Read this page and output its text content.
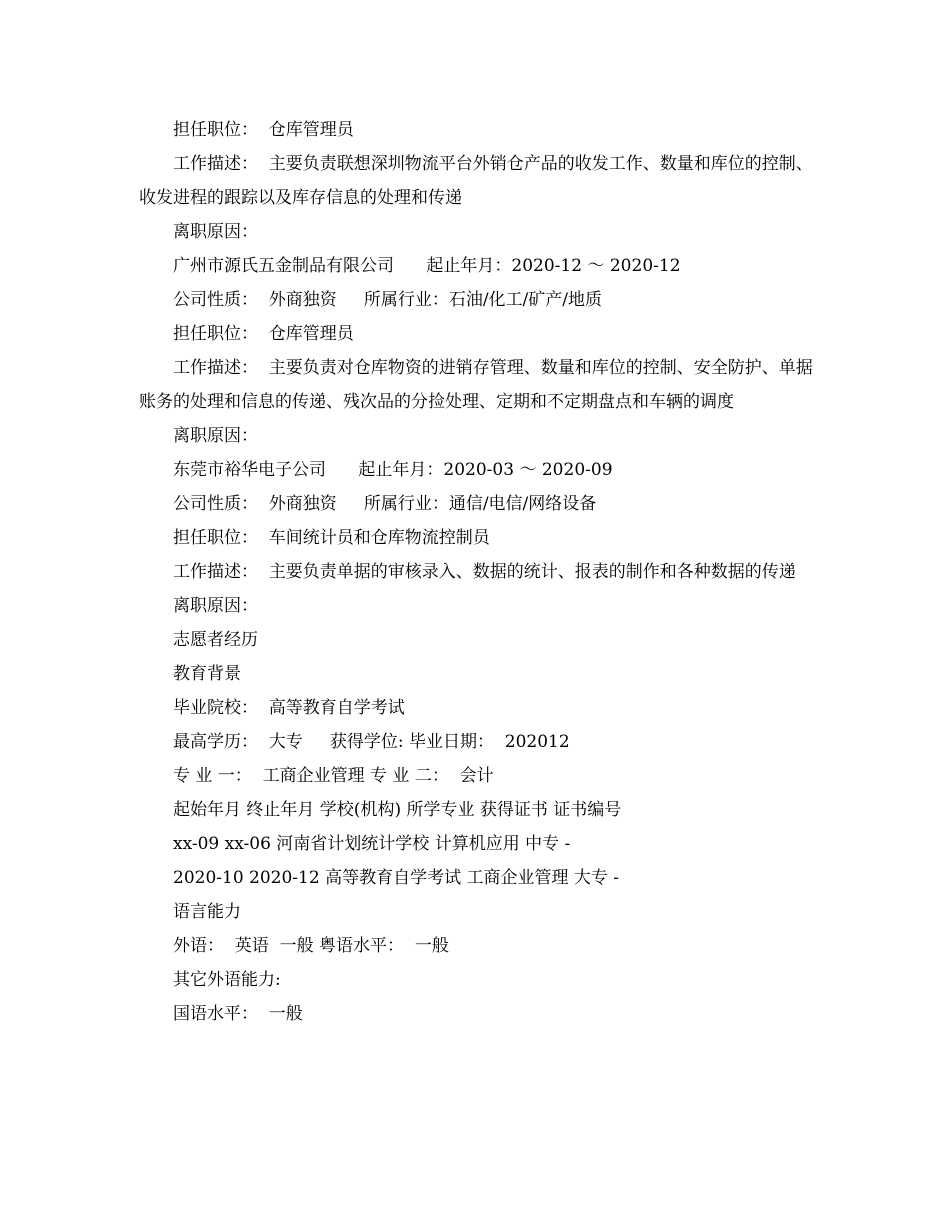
担任职位：  仓库管理员

工作描述：  主要负责联想深圳物流平台外销仓产品的收发工作、数量和库位的控制、收发进程的跟踪以及库存信息的处理和传递

离职原因：

广州市源氏五金制品有限公司      起止年月：2020-12 ～ 2020-12

公司性质：  外商独资     所属行业：石油/化工/矿产/地质

担任职位：  仓库管理员

工作描述：  主要负责对仓库物资的进销存管理、数量和库位的控制、安全防护、单据账务的处理和信息的传递、残次品的分捡处理、定期和不定期盘点和车辆的调度

离职原因：

东莞市裕华电子公司      起止年月：2020-03 ～ 2020-09

公司性质：  外商独资     所属行业：通信/电信/网络设备

担任职位：  车间统计员和仓库物流控制员

工作描述：  主要负责单据的审核录入、数据的统计、报表的制作和各种数据的传递

离职原因：

志愿者经历

教育背景

毕业院校：  高等教育自学考试

最高学历：  大专     获得学位: 毕业日期：  202012

专 业 一：  工商企业管理 专 业 二：  会计

起始年月 终止年月 学校(机构) 所学专业 获得证书 证书编号

xx-09 xx-06 河南省计划统计学校 计算机应用 中专 -

2020-10 2020-12 高等教育自学考试 工商企业管理 大专 -

语言能力

外语：  英语  一般 粤语水平：  一般

其它外语能力:

国语水平：  一般
